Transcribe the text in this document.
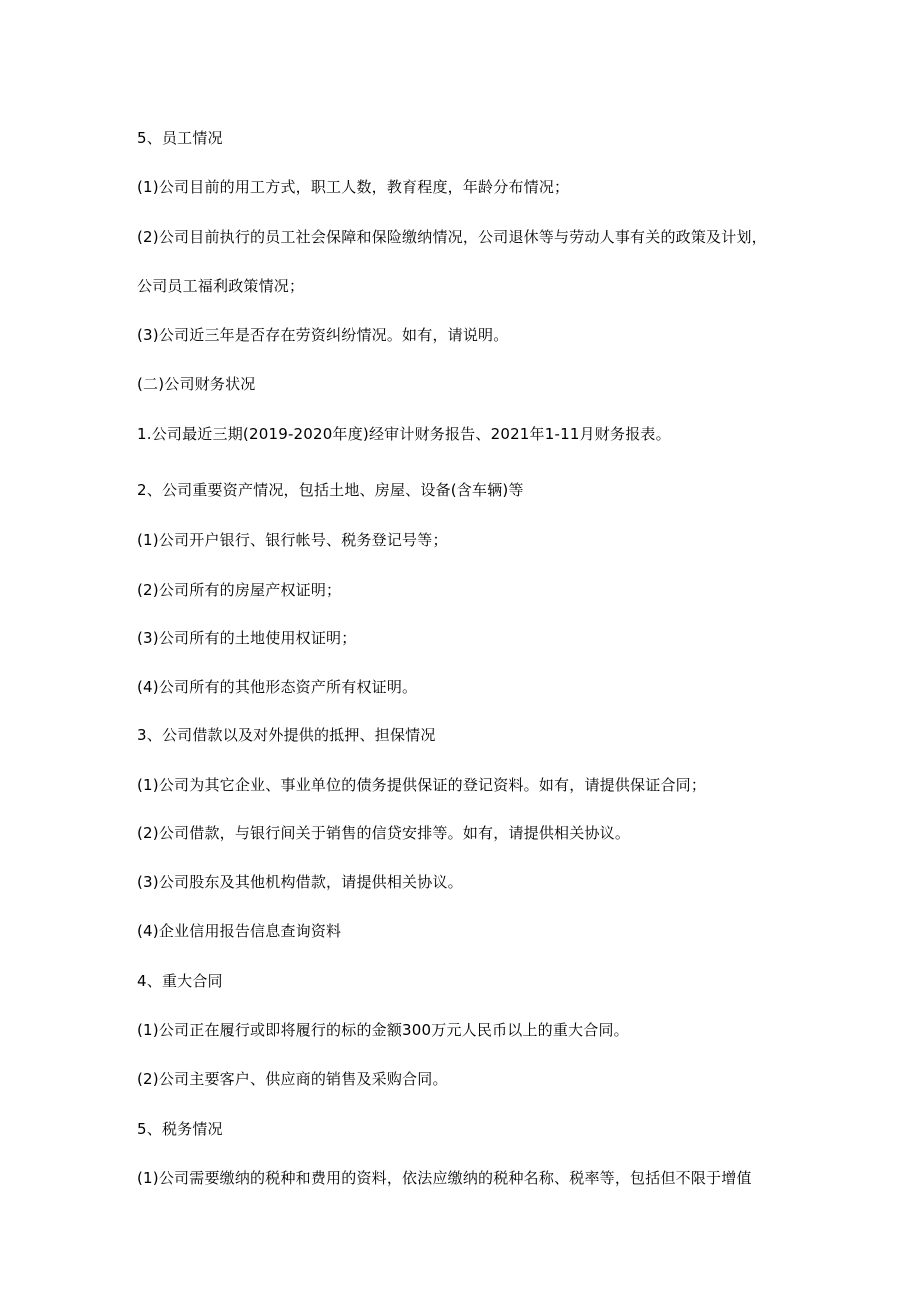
5、员工情况

(1)公司目前的用工方式，职工人数，教育程度，年龄分布情况；

(2)公司目前执行的员工社会保障和保险缴纳情况，公司退休等与劳动人事有关的政策及计划，

公司员工福利政策情况；

(3)公司近三年是否存在劳资纠纷情况。如有，请说明。

(二)公司财务状况

1.公司最近三期(2019-2020年度)经审计财务报告、2021年1-11月财务报表。

2、公司重要资产情况，包括土地、房屋、设备(含车辆)等

(1)公司开户银行、银行帐号、税务登记号等；

(2)公司所有的房屋产权证明；

(3)公司所有的土地使用权证明；

(4)公司所有的其他形态资产所有权证明。

3、公司借款以及对外提供的抵押、担保情况

(1)公司为其它企业、事业单位的债务提供保证的登记资料。如有，请提供保证合同；

(2)公司借款，与银行间关于销售的信贷安排等。如有，请提供相关协议。

(3)公司股东及其他机构借款，请提供相关协议。

(4)企业信用报告信息查询资料

4、重大合同

(1)公司正在履行或即将履行的标的金额300万元人民币以上的重大合同。

(2)公司主要客户、供应商的销售及采购合同。

5、税务情况

(1)公司需要缴纳的税种和费用的资料，依法应缴纳的税种名称、税率等，包括但不限于增值
